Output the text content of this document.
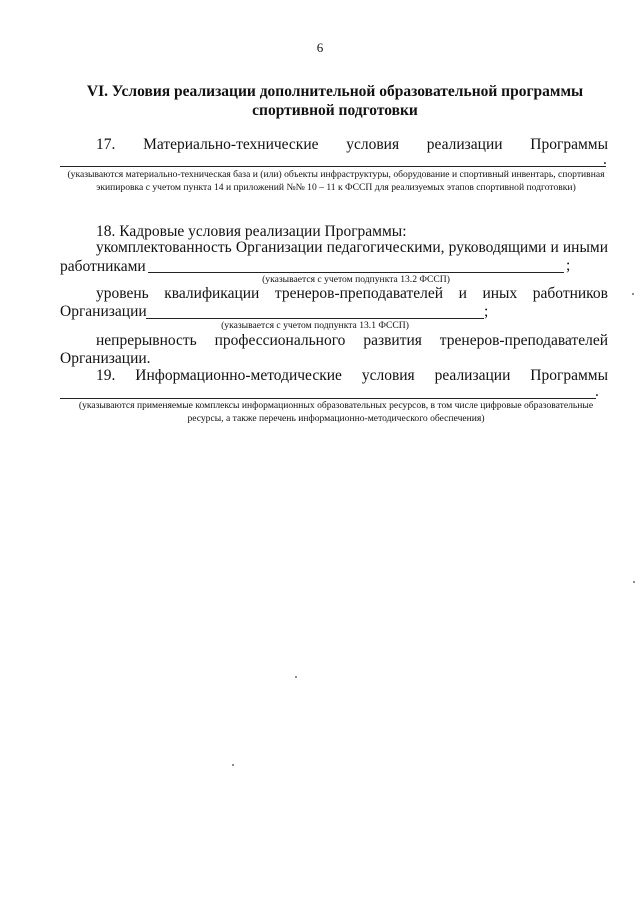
6
VI. Условия реализации дополнительной образовательной программы спортивной подготовки
17. Материально-технические условия реализации Программы
.
(указываются материально-техническая база и (или) объекты инфраструктуры, оборудование и спортивный инвентарь, спортивная экипировка с учетом пункта 14 и приложений №№ 10 – 11 к ФССП для реализуемых этапов спортивной подготовки)
18. Кадровые условия реализации Программы:
укомплектованность Организации педагогическими, руководящими и иными
работниками	;
(указывается с учетом подпункта 13.2 ФССП)
уровень квалификации тренеров-преподавателей и иных работников
Организации	;
(указывается с учетом подпункта 13.1 ФССП)
непрерывность профессионального развития тренеров-преподавателей
Организации.
19. Информационно-методические условия реализации Программы
.
(указываются применяемые комплексы информационных образовательных ресурсов, в том числе цифровые образовательные ресурсы, а также перечень информационно-методического обеспечения)
